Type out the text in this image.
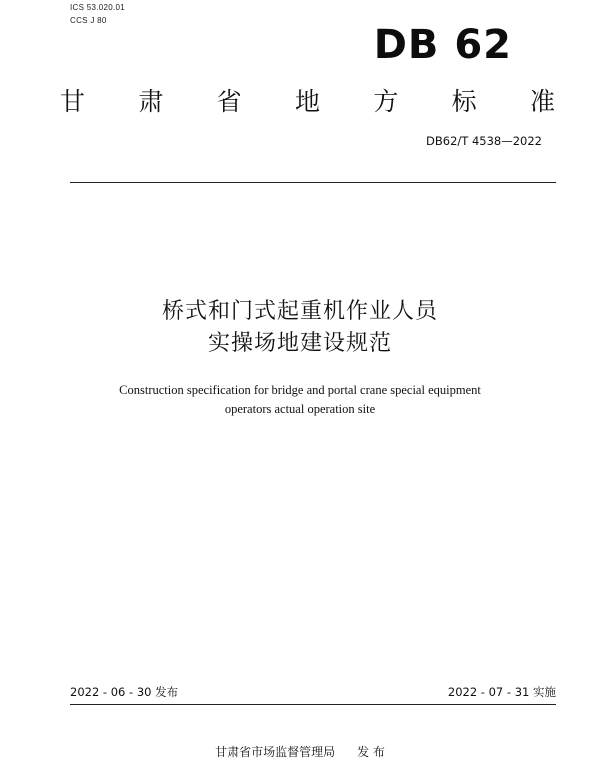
ICS 53.020.01
CCS J 80
DB 62
甘 肃 省 地 方 标 准
DB62/T 4538—2022
桥式和门式起重机作业人员
实操场地建设规范
Construction specification for bridge and portal crane special equipment
operators actual operation site
2022 - 06 - 30 发布	2022 - 07 - 31 实施
甘肃省市场监督管理局 发 布
